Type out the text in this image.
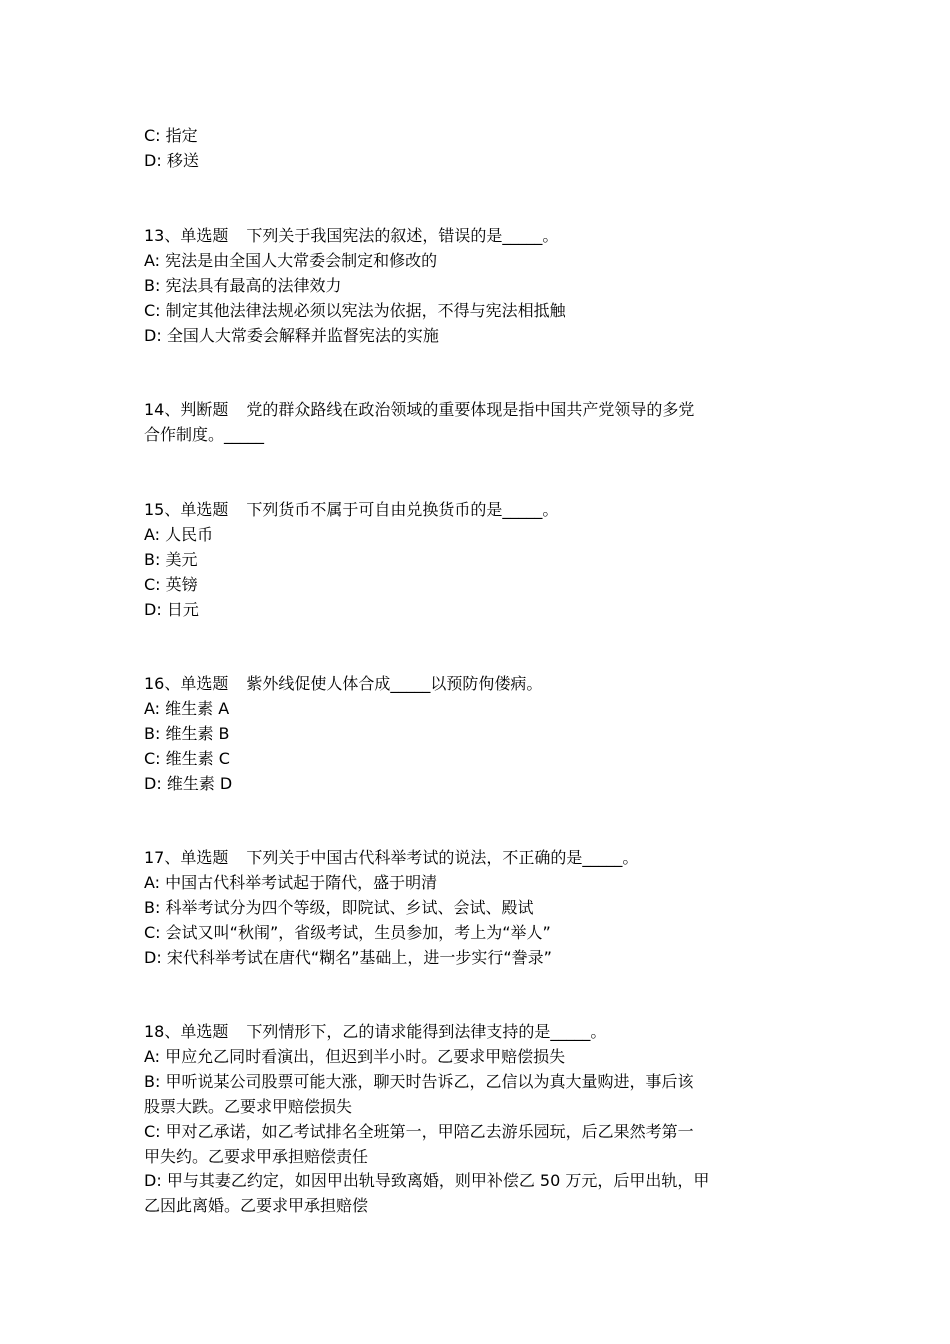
C: 指定
D: 移送
13、单选题 下列关于我国宪法的叙述，错误的是_____。
A: 宪法是由全国人大常委会制定和修改的
B: 宪法具有最高的法律效力
C: 制定其他法律法规必须以宪法为依据，不得与宪法相抵触
D: 全国人大常委会解释并监督宪法的实施
14、判断题 党的群众路线在政治领域的重要体现是指中国共产党领导的多党
合作制度。_____
15、单选题 下列货币不属于可自由兑换货币的是_____。
A: 人民币
B: 美元
C: 英镑
D: 日元
16、单选题 紫外线促使人体合成_____以预防佝偻病。
A: 维生素 A
B: 维生素 B
C: 维生素 C
D: 维生素 D
17、单选题 下列关于中国古代科举考试的说法，不正确的是_____。
A: 中国古代科举考试起于隋代，盛于明清
B: 科举考试分为四个等级，即院试、乡试、会试、殿试
C: 会试又叫“秋闱”，省级考试，生员参加，考上为“举人”
D: 宋代科举考试在唐代“糊名”基础上，进一步实行“誊录”
18、单选题 下列情形下，乙的请求能得到法律支持的是_____。
A: 甲应允乙同时看演出，但迟到半小时。乙要求甲赔偿损失
B: 甲听说某公司股票可能大涨，聊天时告诉乙，乙信以为真大量购进，事后该
股票大跌。乙要求甲赔偿损失
C: 甲对乙承诺，如乙考试排名全班第一，甲陪乙去游乐园玩，后乙果然考第一
甲失约。乙要求甲承担赔偿责任
D: 甲与其妻乙约定，如因甲出轨导致离婚，则甲补偿乙 50 万元，后甲出轨，甲
乙因此离婚。乙要求甲承担赔偿
